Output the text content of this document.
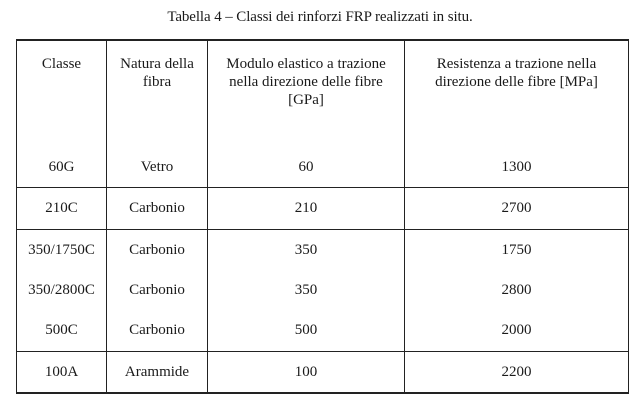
Tabella 4 – Classi dei rinforzi FRP realizzati in situ.
Classe	Natura della fibra	Modulo elastico a trazione nella direzione delle fibre [GPa]	Resistenza a trazione nella direzione delle fibre [MPa]
60G	Vetro	60	1300
210C	Carbonio	210	2700
350/1750C	Carbonio	350	1750
350/2800C	Carbonio	350	2800
500C	Carbonio	500	2000
100A	Arammide	100	2200
